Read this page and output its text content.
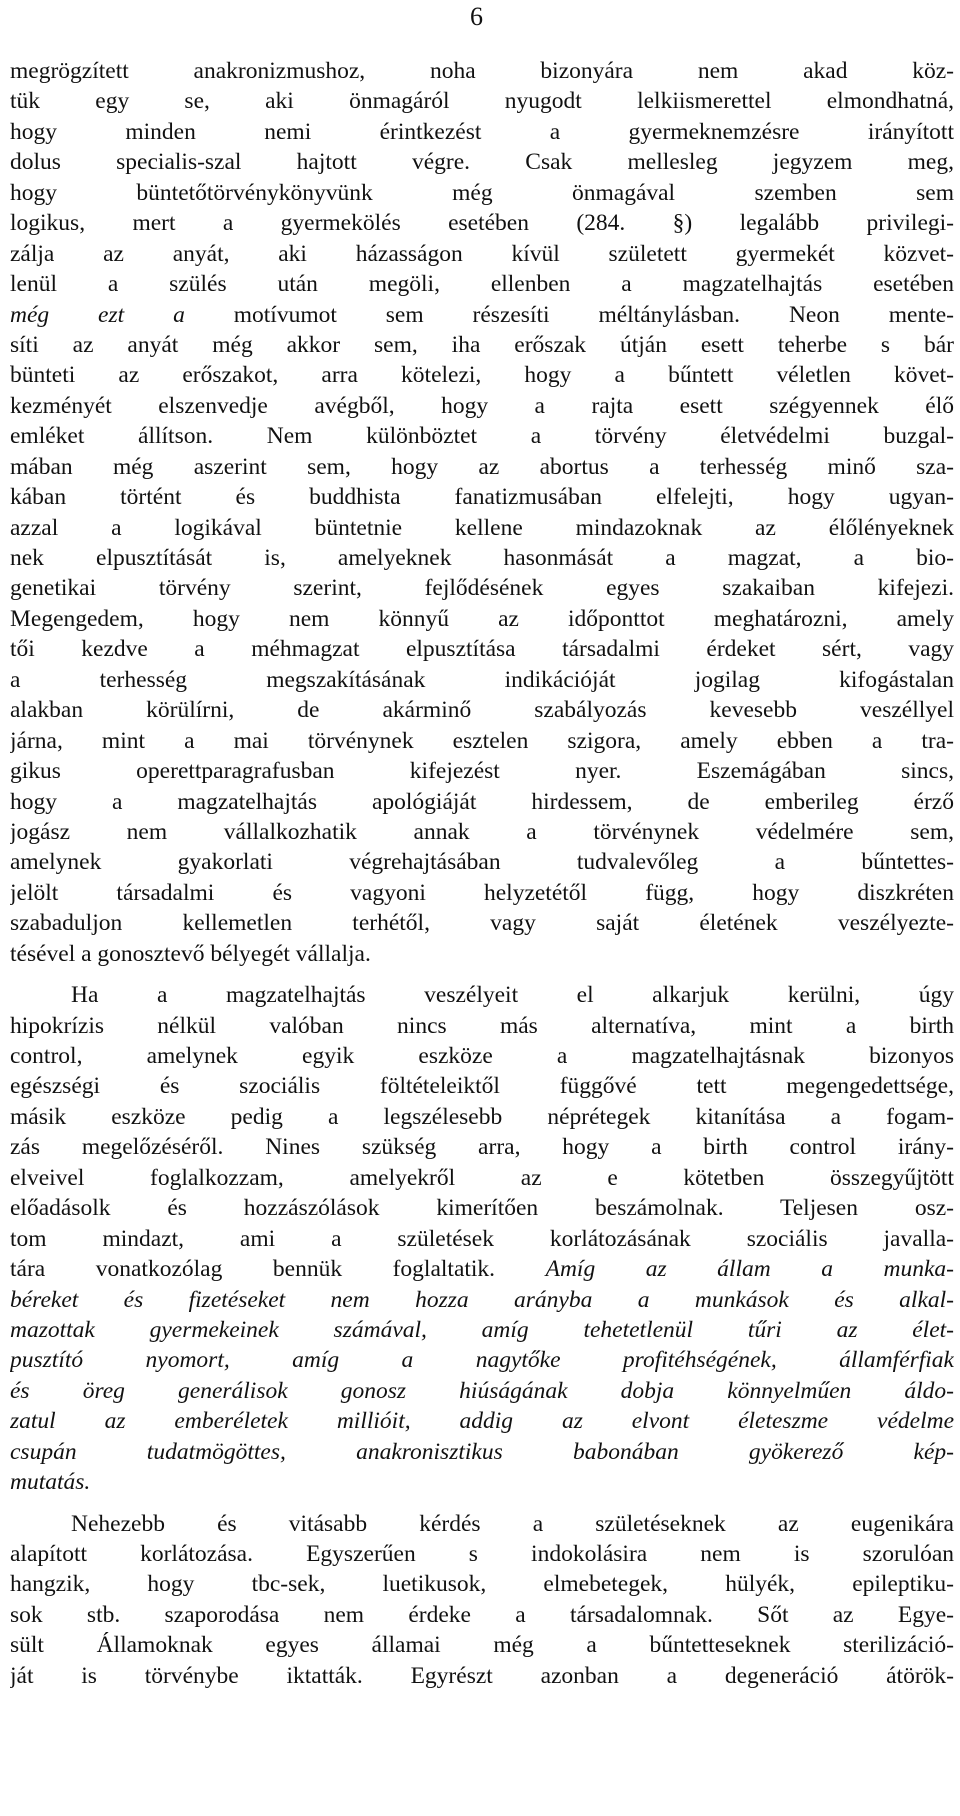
6
megrögzített anakronizmushoz, noha bizonyára nem akad köz-
tük egy se, aki önmagáról nyugodt lelkiismerettel elmondhatná,
hogy minden nemi érintkezést a gyermeknemzésre irányított
dolus specialis-szal hajtott végre. Csak mellesleg jegyzem meg,
hogy büntetőtörvénykönyvünk még önmagával szemben sem
logikus, mert a gyermekölés esetében (284. §) legalább privilegi-
zálja az anyát, aki házasságon kívül született gyermekét közvet-
lenül a szülés után megöli, ellenben a magzatelhajtás esetében
még ezt a motívumot sem részesíti méltánylásban. Neon mente-
síti az anyát még akkor sem, iha erőszak útján esett teherbe s bár
bünteti az erőszakot, arra kötelezi, hogy a bűntett véletlen követ-
kezményét elszenvedje avégből, hogy a rajta esett szégyennek élő
emléket állítson. Nem különböztet a törvény életvédelmi buzgal-
mában még aszerint sem, hogy az abortus a terhesség minő sza-
kában történt és buddhista fanatizmusában elfelejti, hogy ugyan-
azzal a logikával büntetnie kellene mindazoknak az élőlényeknek
nek elpusztítását is, amelyeknek hasonmását a magzat, a bio-
genetikai törvény szerint, fejlődésének egyes szakaiban kifejezi.
Megengedem, hogy nem könnyű az időponttot meghatározni, amely
tői kezdve a méhmagzat elpusztítása társadalmi érdeket sért, vagy
a terhesség megszakításának indikációját jogilag kifogástalan
alakban körülírni, de akárminő szabályozás kevesebb veszéllyel
járna, mint a mai törvénynek esztelen szigora, amely ebben a tra-
gikus operettparagrafusban kifejezést nyer. Eszemágában sincs,
hogy a magzatelhajtás apológiáját hirdessem, de emberileg érző
jogász nem vállalkozhatik annak a törvénynek védelmére sem,
amelynek gyakorlati végrehajtásában tudvalevőleg a bűntettes-
jelölt társadalmi és vagyoni helyzetétől függ, hogy diszkréten
szabaduljon kellemetlen terhétől, vagy saját életének veszélyezte-
tésével a gonosztevő bélyegét vállalja.
Ha a magzatelhajtás veszélyeit el alkarjuk kerülni, úgy
hipokrízis nélkül valóban nincs más alternatíva, mint a birth
control, amelynek egyik eszköze a magzatelhajtásnak bizonyos
egészségi és szociális föltételeiktől függővé tett megengedettsége,
másik eszköze pedig a legszélesebb néprétegek kitanítása a fogam-
zás megelőzéséről. Nines szükség arra, hogy a birth control irány-
elveivel foglalkozzam, amelyekről az e kötetben összegyűjtött
előadásolk és hozzászólások kimerítően beszámolnak. Teljesen osz-
tom mindazt, ami a születések korlátozásának szociális javalla-
tára vonatkozólag bennük foglaltatik. Amíg az állam a munka-
béreket és fizetéseket nem hozza arányba a munkások és alkal-
mazottak gyermekeinek számával, amíg tehetetlenül tűri az élet-
pusztító nyomort, amíg a nagytőke profitéhségének, államférfiak
és öreg generálisok gonosz hiúságának dobja könnyelműen áldo-
zatul az emberéletek millióit, addig az elvont életeszme védelme
csupán tudatmögöttes, anakronisztikus babonában gyökerező kép-
mutatás.
Nehezebb és vitásabb kérdés a születéseknek az eugenikára
alapított korlátozása. Egyszerűen s indokolásira nem is szorulóan
hangzik, hogy tbc-sek, luetikusok, elmebetegek, hülyék, epileptiku-
sok stb. szaporodása nem érdeke a társadalomnak. Sőt az Egye-
sült Államoknak egyes államai még a bűntetteseknek sterilizáció-
ját is törvénybe iktatták. Egyrészt azonban a degeneráció átörök-
